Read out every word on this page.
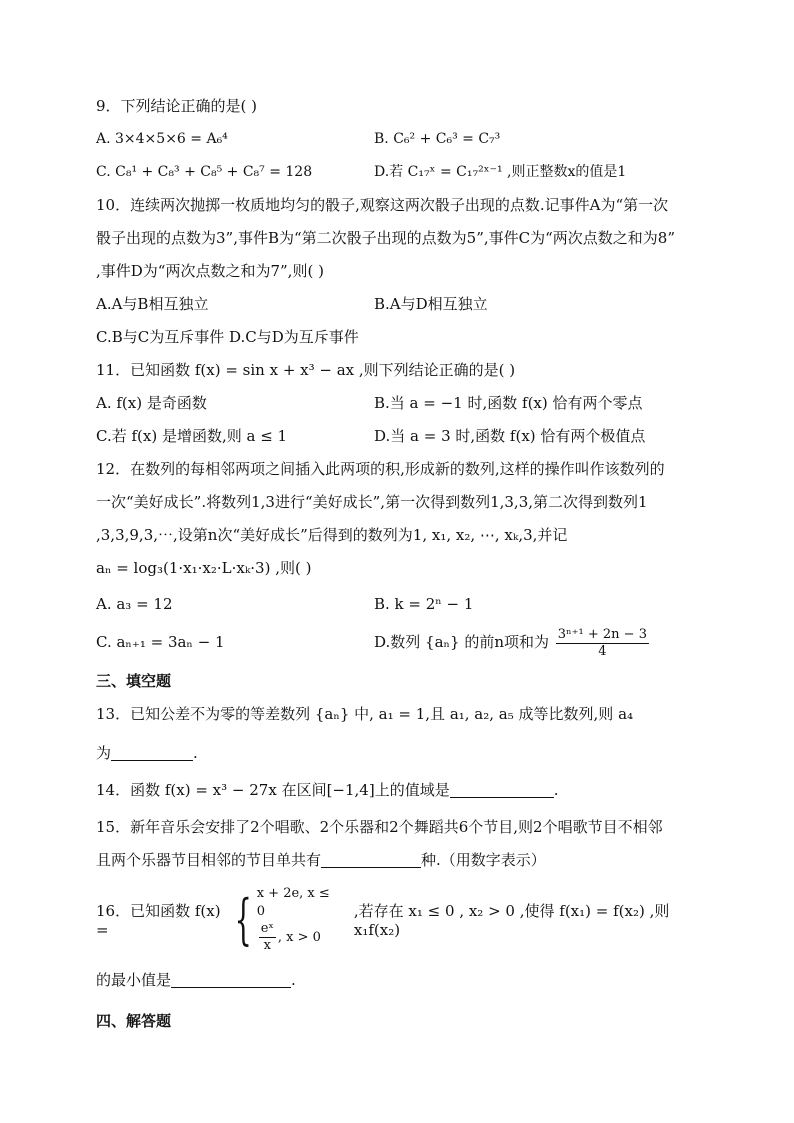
9．下列结论正确的是( )
A. 3×4×5×6 = A₆⁴	B. C₆² + C₆³ = C₇³
C. C₈¹ + C₈³ + C₈⁵ + C₈⁷ = 128	D.若 C₁₇ˣ = C₁₇²ˣ⁻¹ ,则正整数x的值是1
10．连续两次抛掷一枚质地均匀的骰子,观察这两次骰子出现的点数.记事件A为“第一次
骰子出现的点数为3”,事件B为“第二次骰子出现的点数为5”,事件C为“两次点数之和为8”
,事件D为“两次点数之和为7”,则( )
A.A与B相互独立	B.A与D相互独立
C.B与C为互斥事件 D.C与D为互斥事件
11．已知函数 f(x) = sin x + x³ − ax ,则下列结论正确的是( )
A. f(x) 是奇函数	B.当 a = −1 时,函数 f(x) 恰有两个零点
C.若 f(x) 是增函数,则 a ≤ 1	D.当 a = 3 时,函数 f(x) 恰有两个极值点
12．在数列的每相邻两项之间插入此两项的积,形成新的数列,这样的操作叫作该数列的
一次“美好成长”.将数列1,3进行“美好成长”,第一次得到数列1,3,3,第二次得到数列1
,3,3,9,3,⋯,设第n次“美好成长”后得到的数列为1, x₁, x₂, ⋯, xₖ,3,并记
aₙ = log₃(1·x₁·x₂·L·xₖ·3) ,则( )
A. a₃ = 12	B. k = 2ⁿ − 1
C. aₙ₊₁ = 3aₙ − 1	D.数列 {aₙ} 的前n项和为 $\frac{\text{3ⁿ⁺¹ + 2n − 3}}{4}$
三、填空题
13．已知公差不为零的等差数列 {aₙ} 中, a₁ = 1,且 a₁, a₂, a₅ 成等比数列,则 a₄
为	.
14．函数 f(x) = x³ − 27x 在区间[−1,4]上的值域是	.
15．新年音乐会安排了2个唱歌、2个乐器和2个舞蹈共6个节目,则2个唱歌节目不相邻
且两个乐器节目相邻的节目单共有	种.（用数字表示）
16．已知函数 f(x) =	{ x + 2e, x ≤ 0
$\frac{\text{eˣ}}{x}$ , x > 0
,若存在 x₁ ≤ 0 , x₂ > 0 ,使得 f(x₁) = f(x₂) ,则 x₁f(x₂)
的最小值是	.
四、解答题
